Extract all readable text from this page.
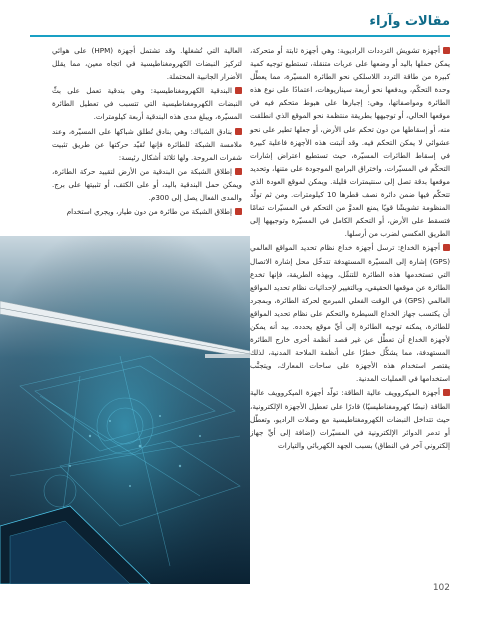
مقالات وآراء

أجهزة تشويش الترددات الراديوية: وهي أجهزة ثابتة أو متحركة، يمكن حملها باليد أو وضعها على عربات متنقلة، تستطيع توجيه كمية كبيرة من طاقة التردد اللاسلكي نحو الطائرة المسيّرة، مما يعطِّل وحدة التحكّم، ويدفعها نحو أربعة سيناريوهات، اعتمادًا على نوع هذه الطائرة ومواصفاتها، وهي: إجبارها على هبوط متحكم فيه في موقعها الحالي، أو توجيهها بطريقة منتظمة نحو الموقع الذي انطلقت منه، أو إسقاطها من دون تحكم على الأرض، أو جعلها تطير على نحو عشوائي لا يمكن التحكم فيه. وقد أثبتت هذه الأجهزة فاعلية كبيرة في إسقاط الطائرات المسيّرة، حيث تستطيع اعتراض إشارات التحكّم في المسيّرات، واختراق البرامج الموجودة على متنها، وتحديد موقعها بدقة تصل إلى سنتيمترات قليلة. ويمكن لموقع العودة الذي تتحكّم فيها ضمن دائرة نصف قطرها 10 كيلومترات. ومن ثم تولّد المنظومة تشويشًا قويًا يمنع العدوَّ من التحكم في المسيّرات تمامًا فتسقط على الأرض، أو التحكم الكامل في المسيّرة وتوجيهها إلى الطريق العكسي لضرب من أرسلها.

أجهزة الخداع: ترسل أجهزة خداع نظام تحديد المواقع العالمي (GPS) إشارة إلى المسيّرة المستهدفة تتدخّل محل إشارة الاتصال التي تستخدمها هذه الطائرة للتنقّل، وبهذه الطريقة، فإنها تخدع الطائرة عن موقعها الحقيقي، وبالتغيير لإحداثيات نظام تحديد المواقع العالمي (GPS) في الوقت الفعلي المبرمج لحركة الطائرة، وبمجرد أن يكتسب جهاز الخداع السيطرة والتحكم على نظام تحديد المواقع للطائرة، يمكنه توجيه الطائرة إلى أيِّ موقع يحدده. بيد أنه يمكن لأجهزة الخداع أن تعطِّل عن غير قصد أنظمة أخرى خارج الطائرة المستهدفة، مما يشكِّل خطرًا على أنظمة الملاحة المدنية، لذلك يقتصر استخدام هذه الأجهزة على ساحات المعارك، ويتجنَّب استخدامها في العمليات المدنية.

أجهزة الميكروويف عالية الطاقة: تولّد أجهزة الميكروويف عالية الطاقة (نبضًا كهرومغناطيسيًا) قادرًا على تعطيل الأجهزة الإلكترونية، حيث تتداخل النبضات الكهرومغناطيسية مع وصلات الراديو، وتعطّل أو تدمر الدوائر الإلكترونية في المسيّرات (إضافة إلى أيِّ جهاز إلكتروني آخر في النطاق) بسبب الجهد الكهربائي والتيارات

العالية التي تُشغلها. وقد تشتمل أجهزة (HPM) على هوائي لتركيز النبضات الكهرومغناطيسية في اتجاه معين، مما يقلل الأضرار الجانبية المحتملة.

البندقية الكهرومغناطيسية: وهي بندقية تعمل على بثِّ النبضات الكهرومغناطيسية التي تتسبب في تعطيل الطائرة المسيّرة، ويبلغ مدى هذه البندقية أربعة كيلومترات.

بنادق الشباك: وهي بنادق تُطلق شباكها على المسيّرة، وعند ملامسة الشبكة للطائرة فإنها تُقيّد حركتها عن طريق تثبيت شفرات المروحة. ولها ثلاثة أشكال رئيسة:

إطلاق الشبكة من البندقية من الأرض لتقييد حركة الطائرة، ويمكن حمل البندقية باليد، أو على الكتف، أو تثبيتها على برج. والمدى الفعال يصل إلى 300م.

إطلاق الشبكة من طائرة من دون طيار، ويجري استخدام

102
